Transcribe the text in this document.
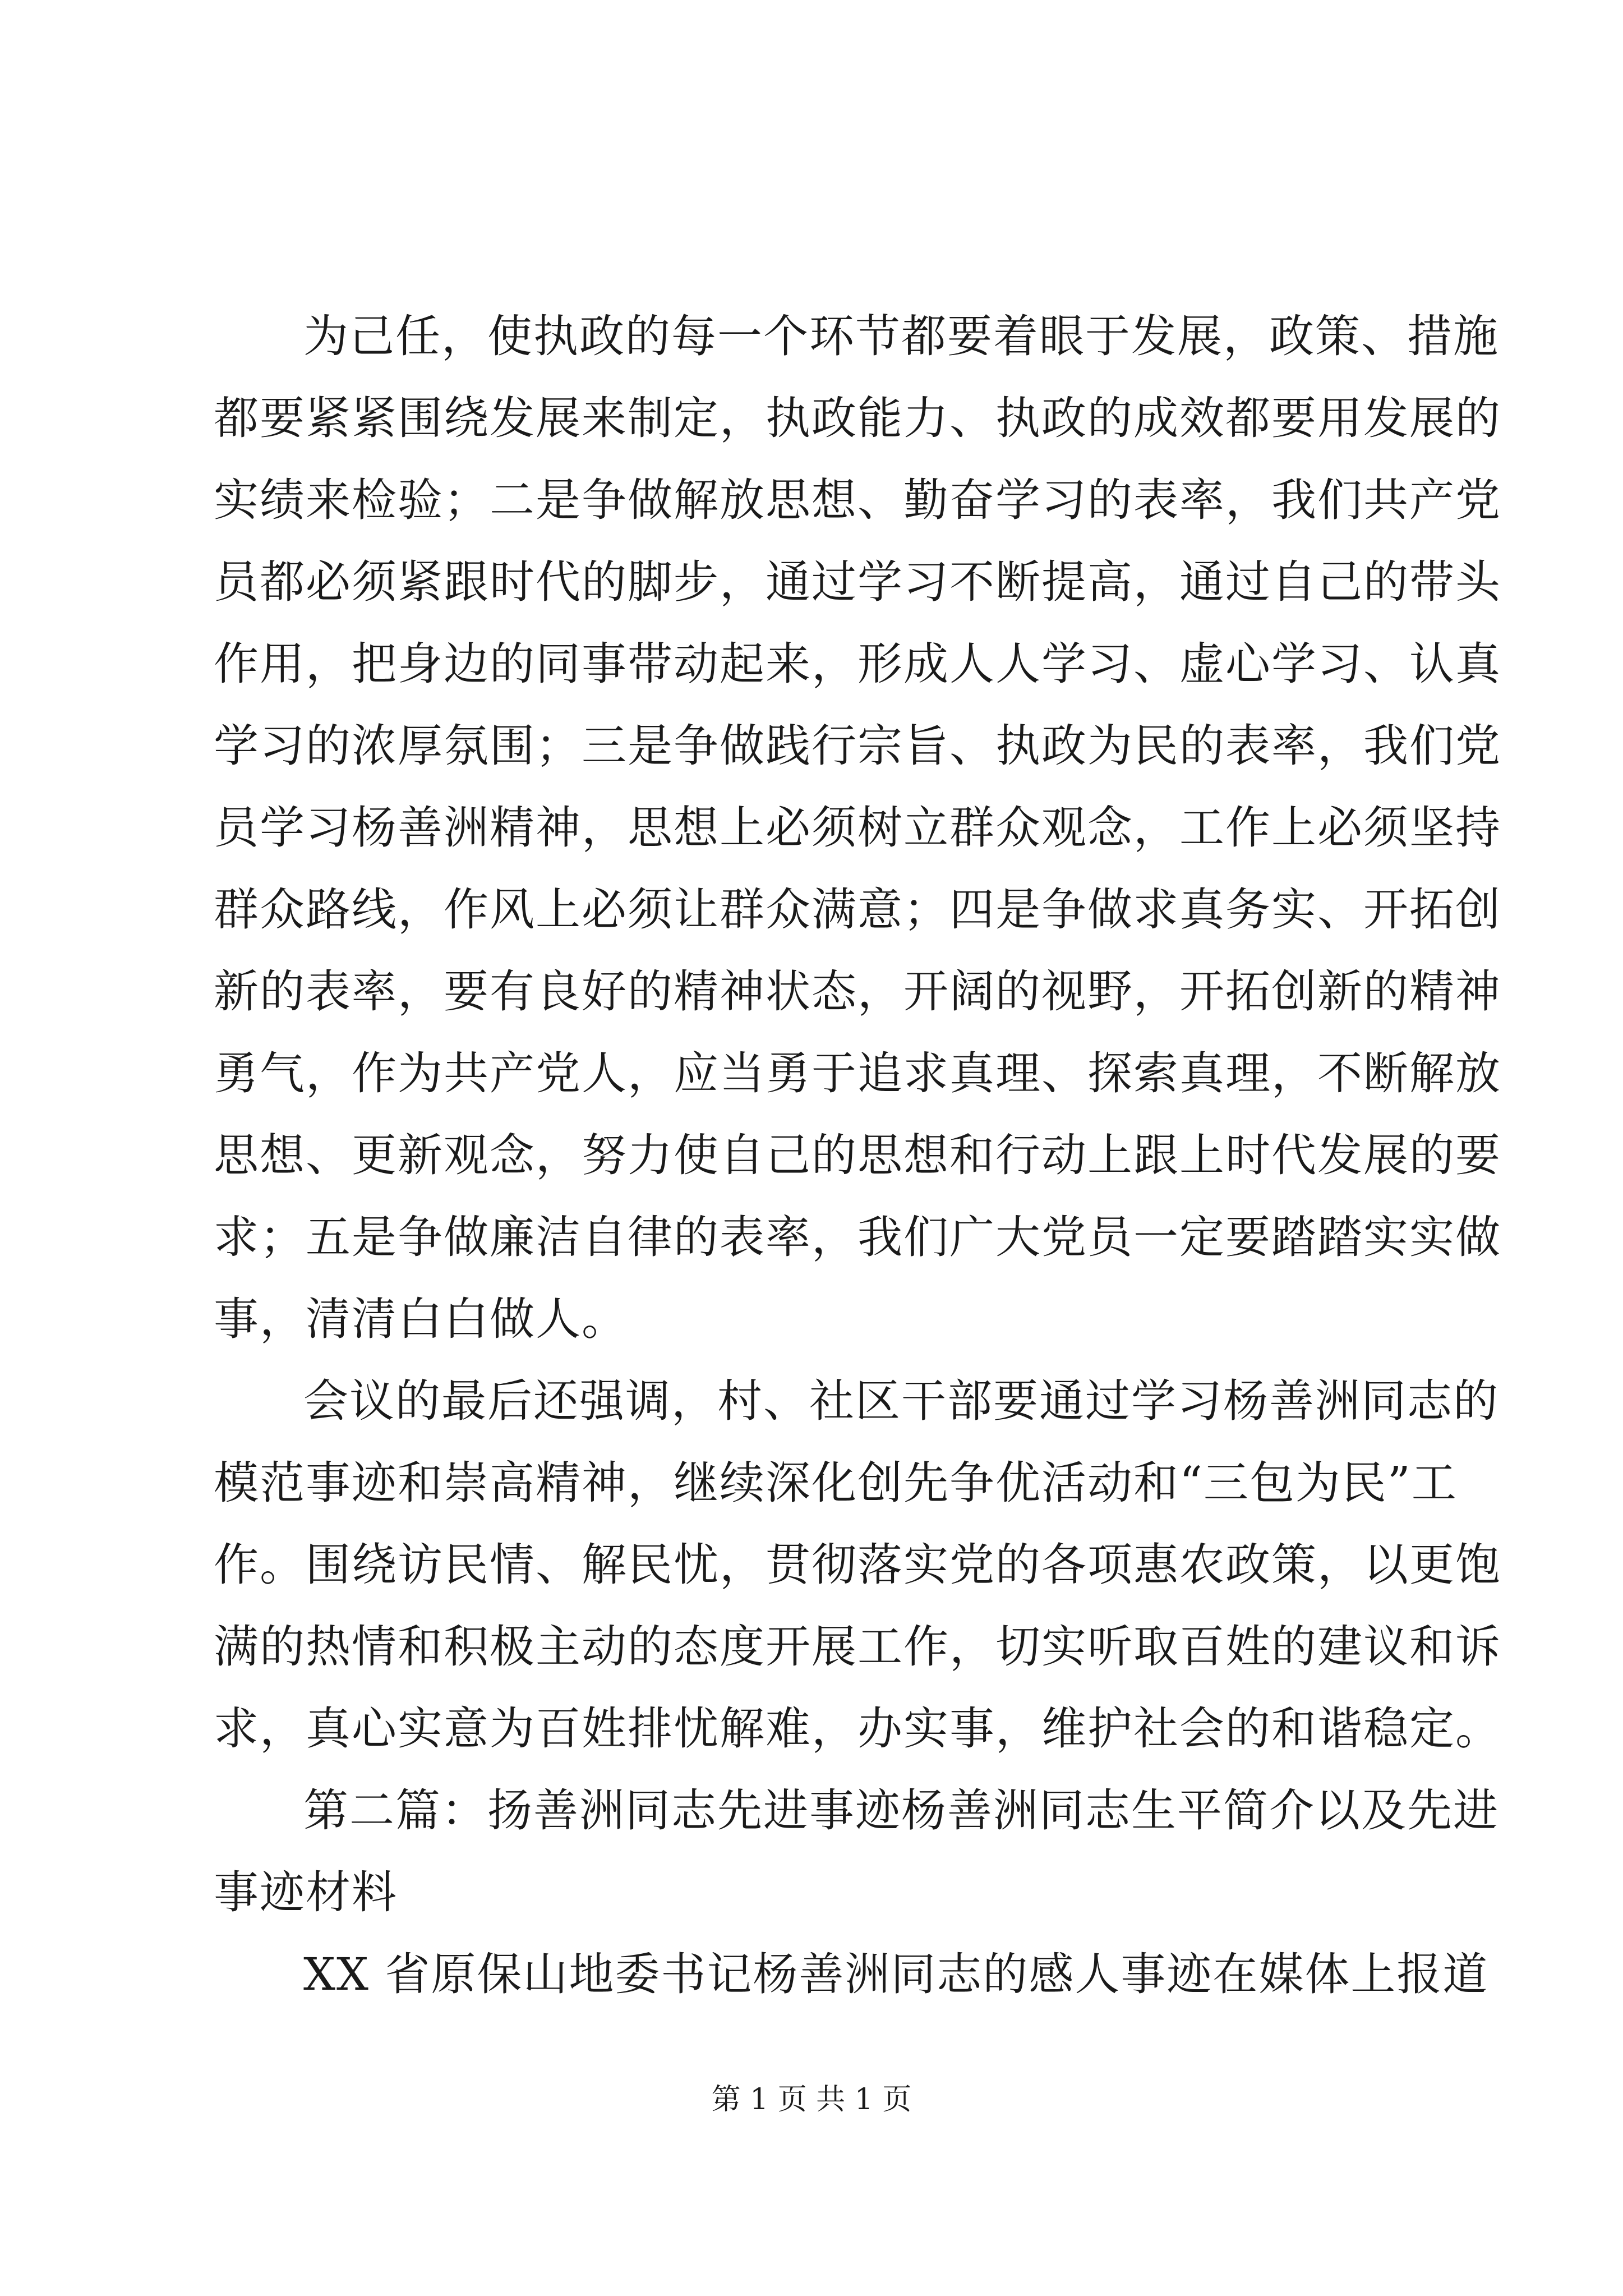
为己任，使执政的每一个环节都要着眼于发展，政策、措施
都要紧紧围绕发展来制定，执政能力、执政的成效都要用发展的
实绩来检验；二是争做解放思想、勤奋学习的表率，我们共产党
员都必须紧跟时代的脚步，通过学习不断提高，通过自己的带头
作用，把身边的同事带动起来，形成人人学习、虚心学习、认真
学习的浓厚氛围；三是争做践行宗旨、执政为民的表率，我们党
员学习杨善洲精神，思想上必须树立群众观念，工作上必须坚持
群众路线，作风上必须让群众满意；四是争做求真务实、开拓创
新的表率，要有良好的精神状态，开阔的视野，开拓创新的精神
勇气，作为共产党人，应当勇于追求真理、探索真理，不断解放
思想、更新观念，努力使自己的思想和行动上跟上时代发展的要
求；五是争做廉洁自律的表率，我们广大党员一定要踏踏实实做
事，清清白白做人。
会议的最后还强调，村、社区干部要通过学习杨善洲同志的
模范事迹和崇高精神，继续深化创先争优活动和“三包为民”工
作。围绕访民情、解民忧，贯彻落实党的各项惠农政策，以更饱
满的热情和积极主动的态度开展工作，切实听取百姓的建议和诉
求，真心实意为百姓排忧解难，办实事，维护社会的和谐稳定。
第二篇：扬善洲同志先进事迹杨善洲同志生平简介以及先进
事迹材料
XX 省原保山地委书记杨善洲同志的感人事迹在媒体上报道
第 1 页 共 1 页
